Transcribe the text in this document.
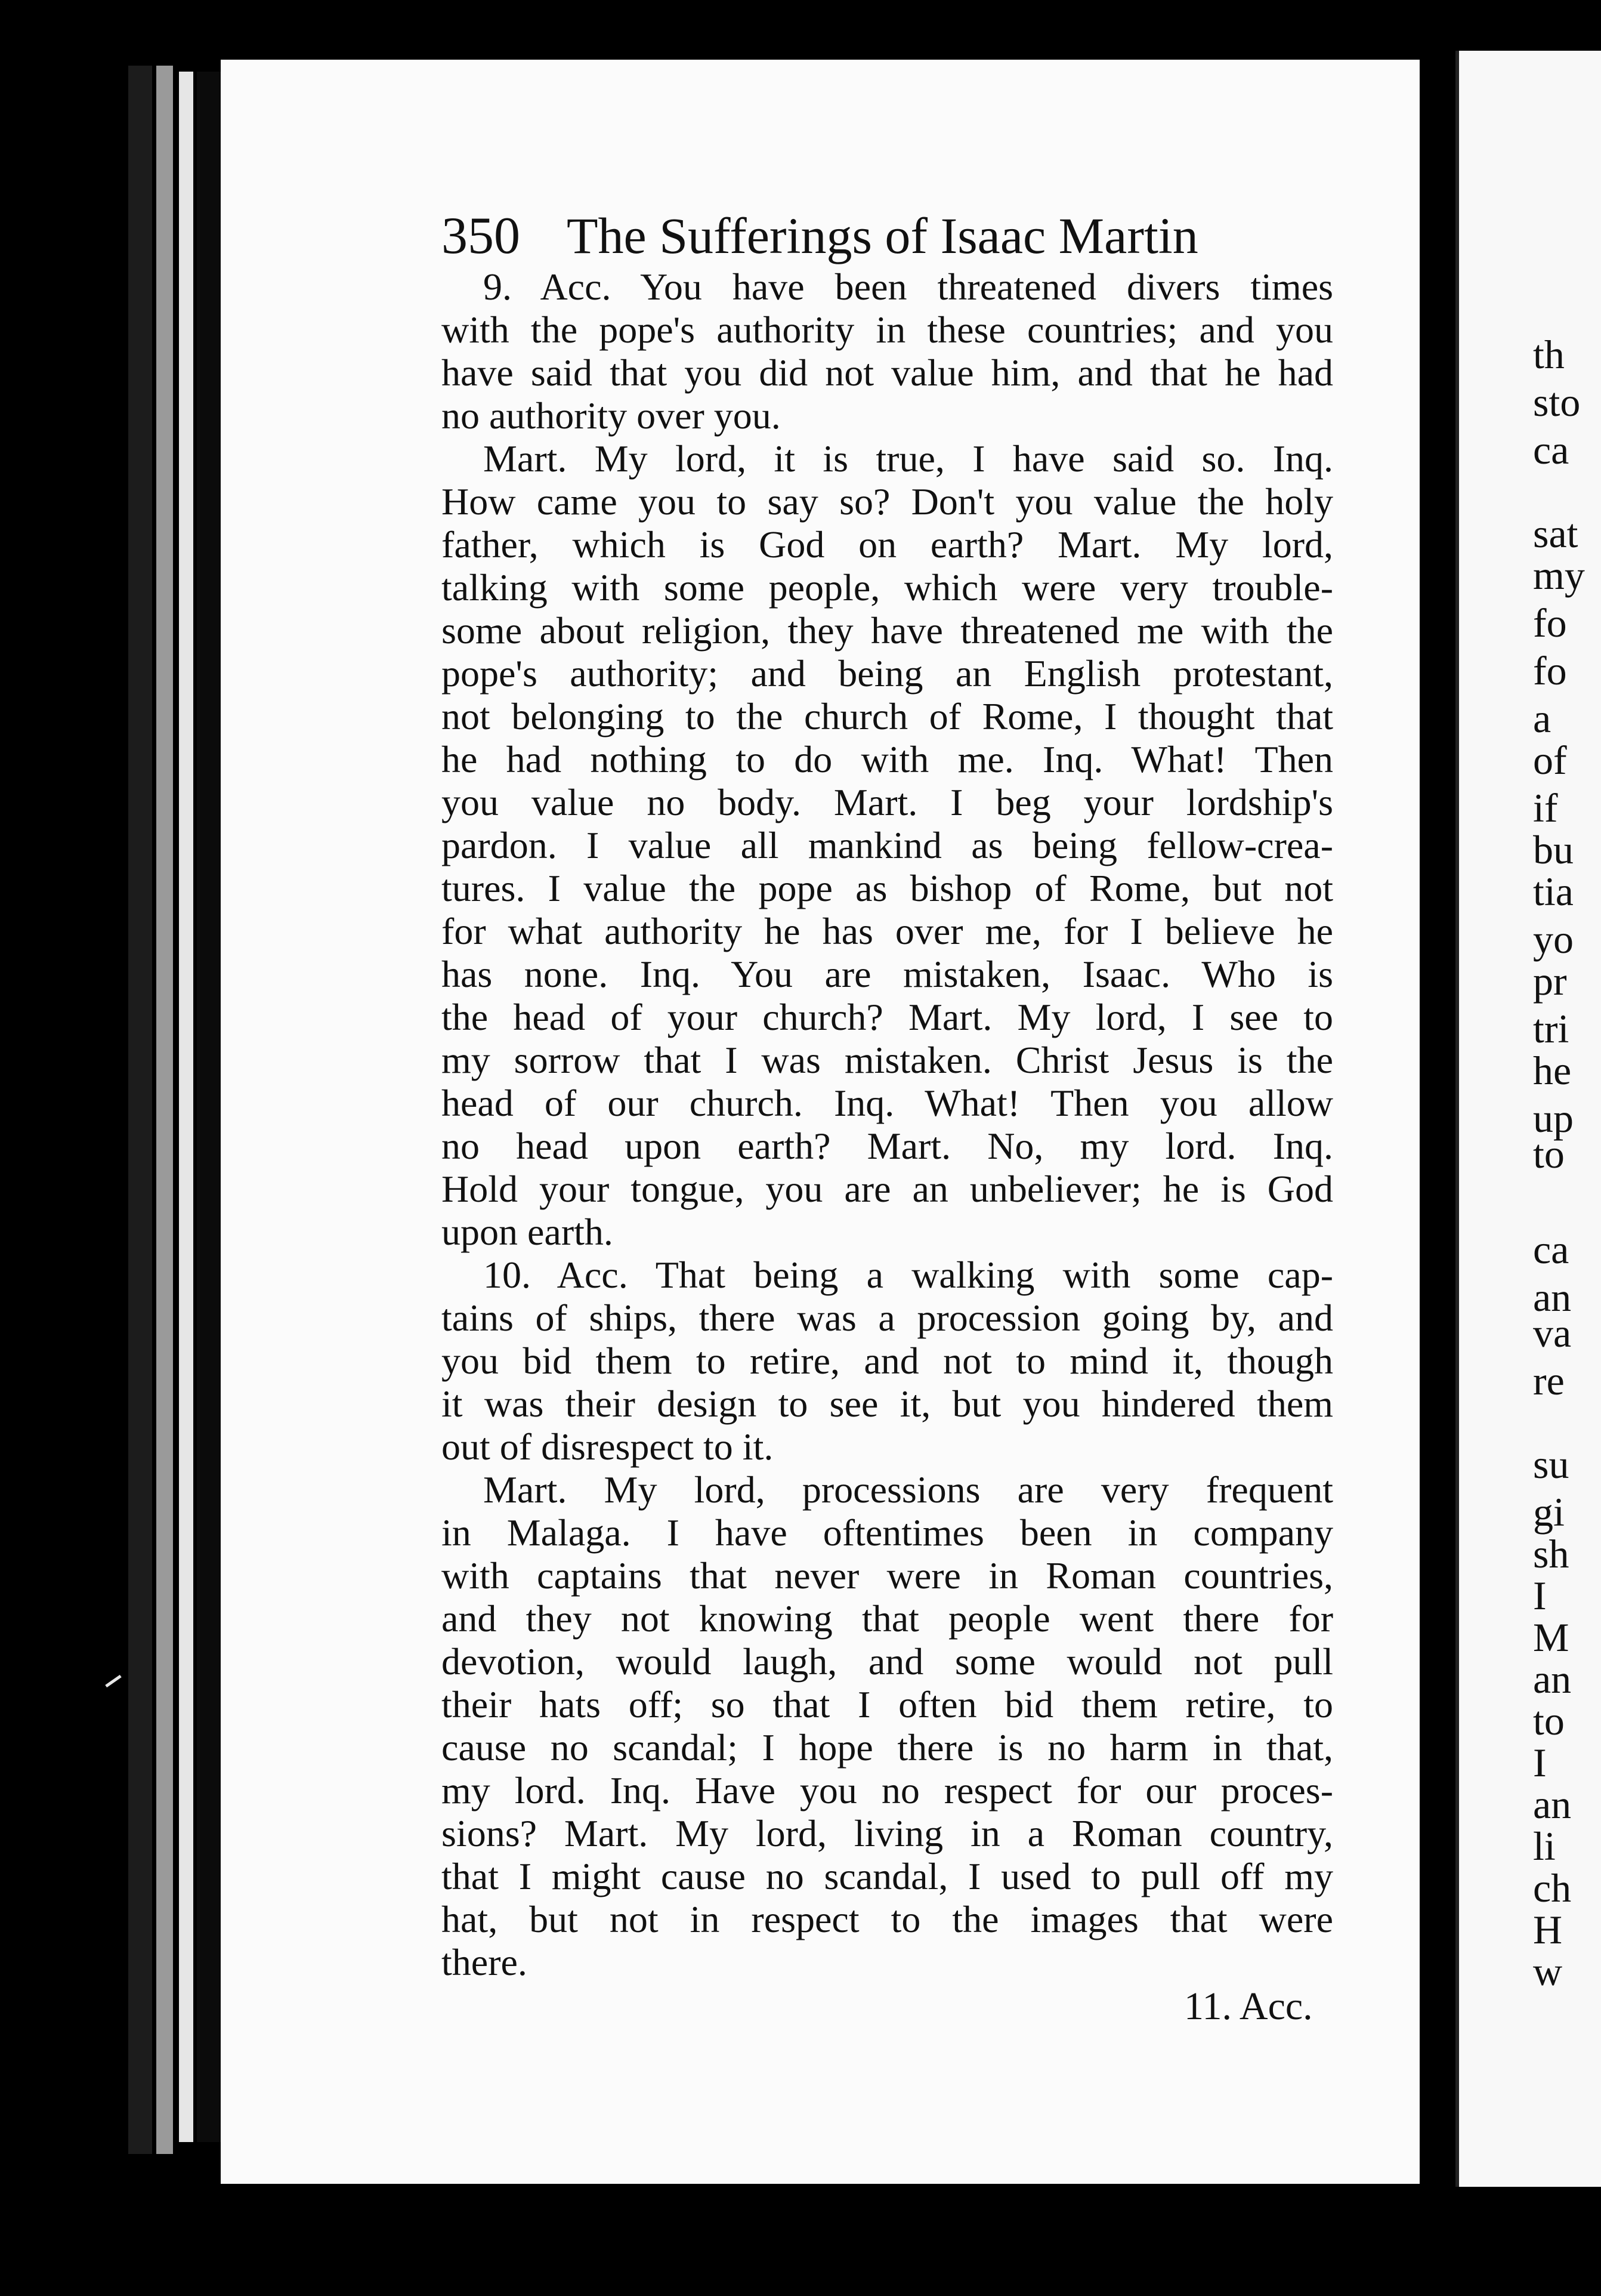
350 The Sufferings of Isaac Martin
9. Acc. You have been threatened divers times
with the pope's authority in these countries; and you
have said that you did not value him, and that he had
no authority over you.
Mart. My lord, it is true, I have said so. Inq.
How came you to say so? Don't you value the holy
father, which is God on earth? Mart. My lord,
talking with some people, which were very trouble-
some about religion, they have threatened me with the
pope's authority; and being an English protestant,
not belonging to the church of Rome, I thought that
he had nothing to do with me. Inq. What! Then
you value no body. Mart. I beg your lordship's
pardon. I value all mankind as being fellow-crea-
tures. I value the pope as bishop of Rome, but not
for what authority he has over me, for I believe he
has none. Inq. You are mistaken, Isaac. Who is
the head of your church? Mart. My lord, I see to
my sorrow that I was mistaken. Christ Jesus is the
head of our church. Inq. What! Then you allow
no head upon earth? Mart. No, my lord. Inq.
Hold your tongue, you are an unbeliever; he is God
upon earth.
10. Acc. That being a walking with some cap-
tains of ships, there was a procession going by, and
you bid them to retire, and not to mind it, though
it was their design to see it, but you hindered them
out of disrespect to it.
Mart. My lord, processions are very frequent
in Malaga. I have oftentimes been in company
with captains that never were in Roman countries,
and they not knowing that people went there for
devotion, would laugh, and some would not pull
their hats off; so that I often bid them retire, to
cause no scandal; I hope there is no harm in that,
my lord. Inq. Have you no respect for our proces-
sions? Mart. My lord, living in a Roman country,
that I might cause no scandal, I used to pull off my
hat, but not in respect to the images that were
there.
11. Acc.
th
sto
ca
sat
my
fo
fo
a
of
if
bu
tia
yo
pr
tri
he
up
to
ca
an
va
re
su
gi
sh
I
M
an
to
I
an
li
ch
H
w
